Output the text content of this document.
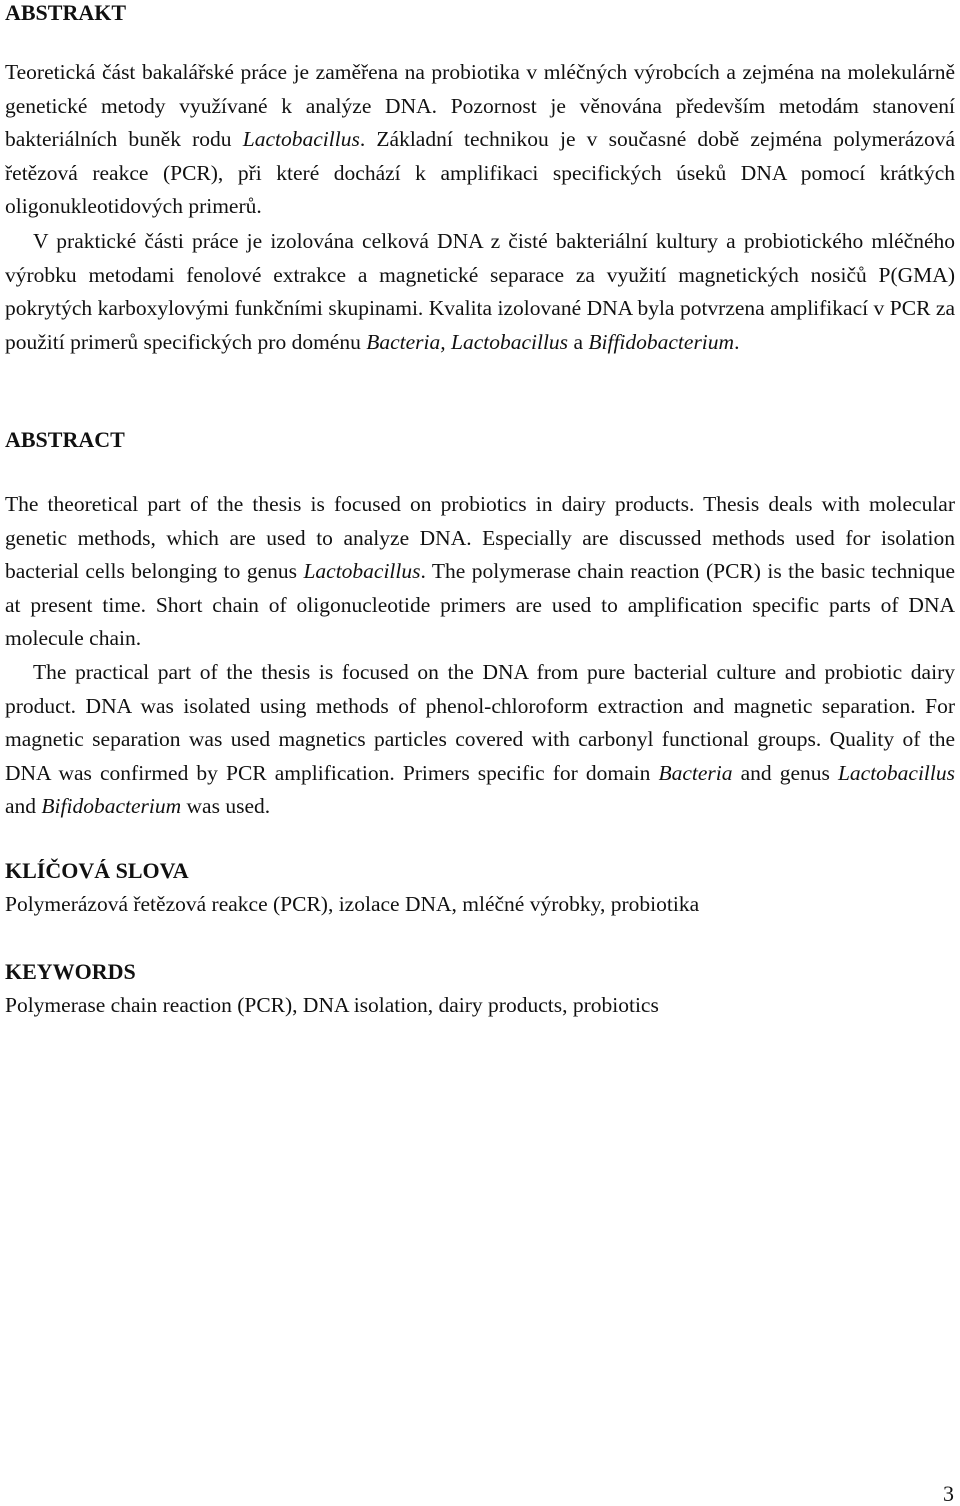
ABSTRAKT

Teoretická část bakalářské práce je zaměřena na probiotika v mléčných výrobcích a zejména na molekulárně genetické metody využívané k analýze DNA. Pozornost je věnována především metodám stanovení bakteriálních buněk rodu Lactobacillus. Základní technikou je v současné době zejména polymerázová řetězová reakce (PCR), při které dochází k amplifikaci specifických úseků DNA pomocí krátkých oligonukleotidových primerů.

V praktické části práce je izolována celková DNA z čisté bakteriální kultury a probiotického mléčného výrobku metodami fenolové extrakce a magnetické separace za využití magnetických nosičů P(GMA) pokrytých karboxylovými funkčními skupinami. Kvalita izolované DNA byla potvrzena amplifikací v PCR za použití primerů specifických pro doménu Bacteria, Lactobacillus a Biffidobacterium.

ABSTRACT

The theoretical part of the thesis is focused on probiotics in dairy products. Thesis deals with molecular genetic methods, which are used to analyze DNA. Especially are discussed methods used for isolation bacterial cells belonging to genus Lactobacillus. The polymerase chain reaction (PCR) is the basic technique at present time. Short chain of oligonucleotide primers are used to amplification specific parts of DNA molecule chain.

The practical part of the thesis is focused on the DNA from pure bacterial culture and probiotic dairy product. DNA was isolated using methods of phenol-chloroform extraction and magnetic separation. For magnetic separation was used magnetics particles covered with carbonyl functional groups. Quality of the DNA was confirmed by PCR amplification. Primers specific for domain Bacteria and genus Lactobacillus and Bifidobacterium was used.

KLÍČOVÁ SLOVA

Polymerázová řetězová reakce (PCR), izolace DNA, mléčné výrobky, probiotika

KEYWORDS

Polymerase chain reaction (PCR), DNA isolation, dairy products, probiotics

3
